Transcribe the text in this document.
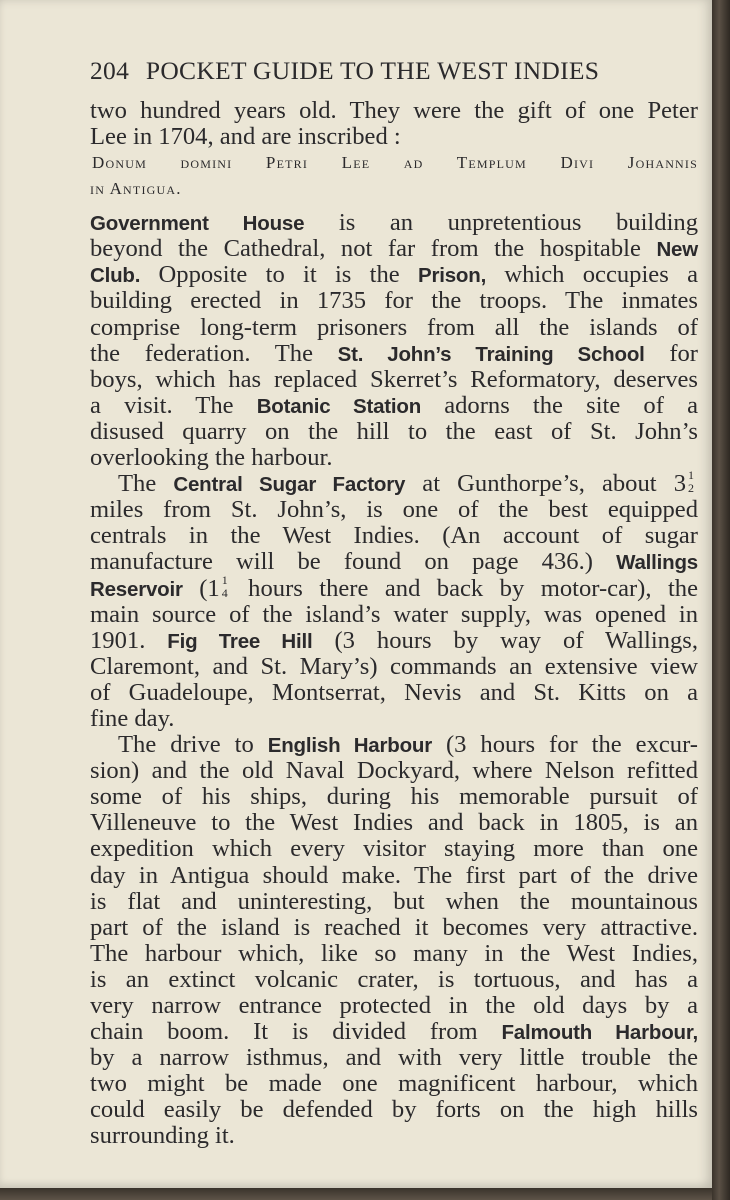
204 POCKET GUIDE TO THE WEST INDIES
two hundred years old. They were the gift of one Peter
Lee in 1704, and are inscribed :
Donum domini Petri Lee ad Templum Divi Johannis
in Antigua.
Government House is an unpretentious building
beyond the Cathedral, not far from the hospitable New
Club. Opposite to it is the Prison, which occupies a
building erected in 1735 for the troops. The inmates
comprise long-term prisoners from all the islands of
the federation. The St. John’s Training School for
boys, which has replaced Skerret’s Reformatory, deserves
a visit. The Botanic Station adorns the site of a
disused quarry on the hill to the east of St. John’s
overlooking the harbour.
The Central Sugar Factory at Gunthorpe’s, about 3 1
2
miles from St. John’s, is one of the best equipped
centrals in the West Indies. (An account of sugar
manufacture will be found on page 436.) Wallings
Reservoir (1 1
4 hours there and back by motor-car), the
main source of the island’s water supply, was opened in
1901. Fig Tree Hill (3 hours by way of Wallings,
Claremont, and St. Mary’s) commands an extensive view
of Guadeloupe, Montserrat, Nevis and St. Kitts on a
fine day.
The drive to English Harbour (3 hours for the excur-
sion) and the old Naval Dockyard, where Nelson refitted
some of his ships, during his memorable pursuit of
Villeneuve to the West Indies and back in 1805, is an
expedition which every visitor staying more than one
day in Antigua should make. The first part of the drive
is flat and uninteresting, but when the mountainous
part of the island is reached it becomes very attractive.
The harbour which, like so many in the West Indies,
is an extinct volcanic crater, is tortuous, and has a
very narrow entrance protected in the old days by a
chain boom. It is divided from Falmouth Harbour,
by a narrow isthmus, and with very little trouble the
two might be made one magnificent harbour, which
could easily be defended by forts on the high hills
surrounding it.
